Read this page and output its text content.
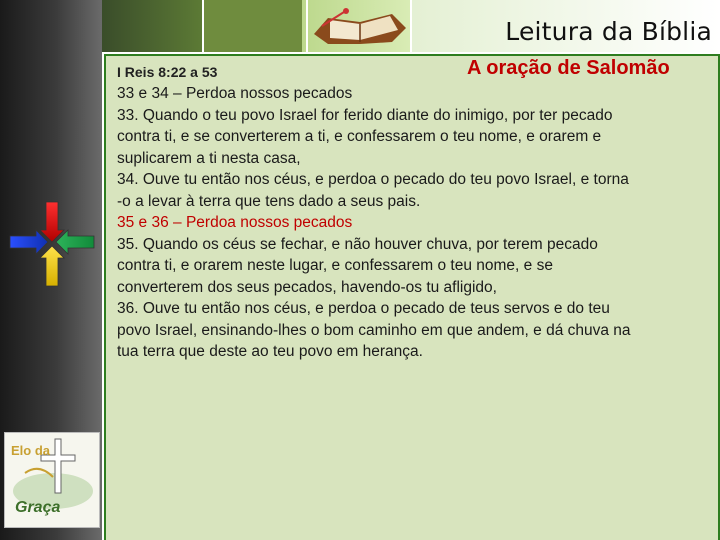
Leitura da Bíblia
I Reis 8:22 a 53	A oração de Salomão
33 e 34 – Perdoa nossos pecados
33. Quando o teu povo Israel for ferido diante do inimigo, por ter pecado
contra ti, e se converterem a ti, e confessarem o teu nome, e orarem e
suplicarem a ti nesta casa,
34. Ouve tu então nos céus, e perdoa o pecado do teu povo Israel, e torna
-o a levar à terra que tens dado a seus pais.
35 e 36 – Perdoa nossos pecados
35. Quando os céus se fechar, e não houver chuva, por terem pecado
contra ti, e orarem neste lugar, e confessarem o teu nome, e se
converterem dos seus pecados, havendo-os tu afligido,
36. Ouve tu então nos céus, e perdoa o pecado de teus servos e do teu
povo Israel, ensinando-lhes o bom caminho em que andem, e dá chuva na
tua terra que deste ao teu povo em herança.
Elo da
Graça
